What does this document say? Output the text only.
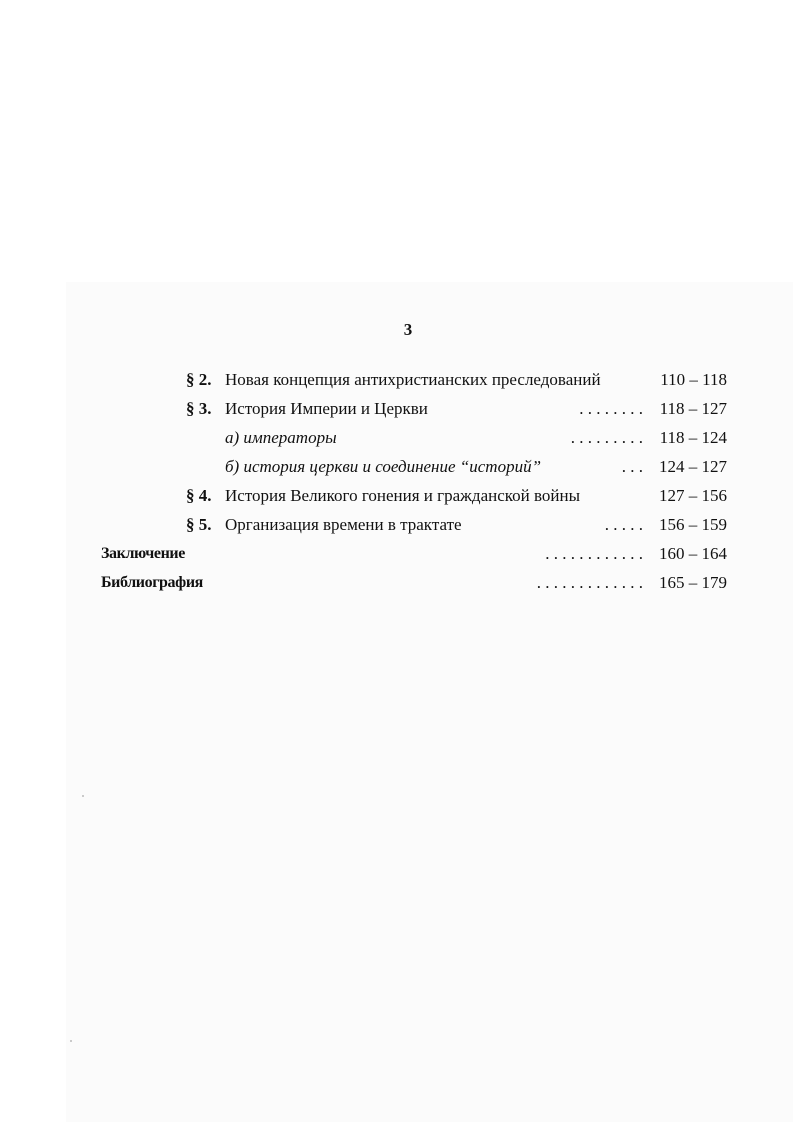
3
§ 2. Новая концепция антихристианских преследований	110 – 118
§ 3. История Империи и Церкви	. . . . . . . . 118 – 127
а) императоры	. . . . . . . . . 118 – 124
б) история церкви и соединение “историй”	. . . 124 – 127
§ 4. История Великого гонения и гражданской войны	127 – 156
§ 5. Организация времени в трактате	. . . . . 156 – 159
Заключение	. . . . . . . . . . . . 160 – 164
Библиография	. . . . . . . . . . . . . 165 – 179
